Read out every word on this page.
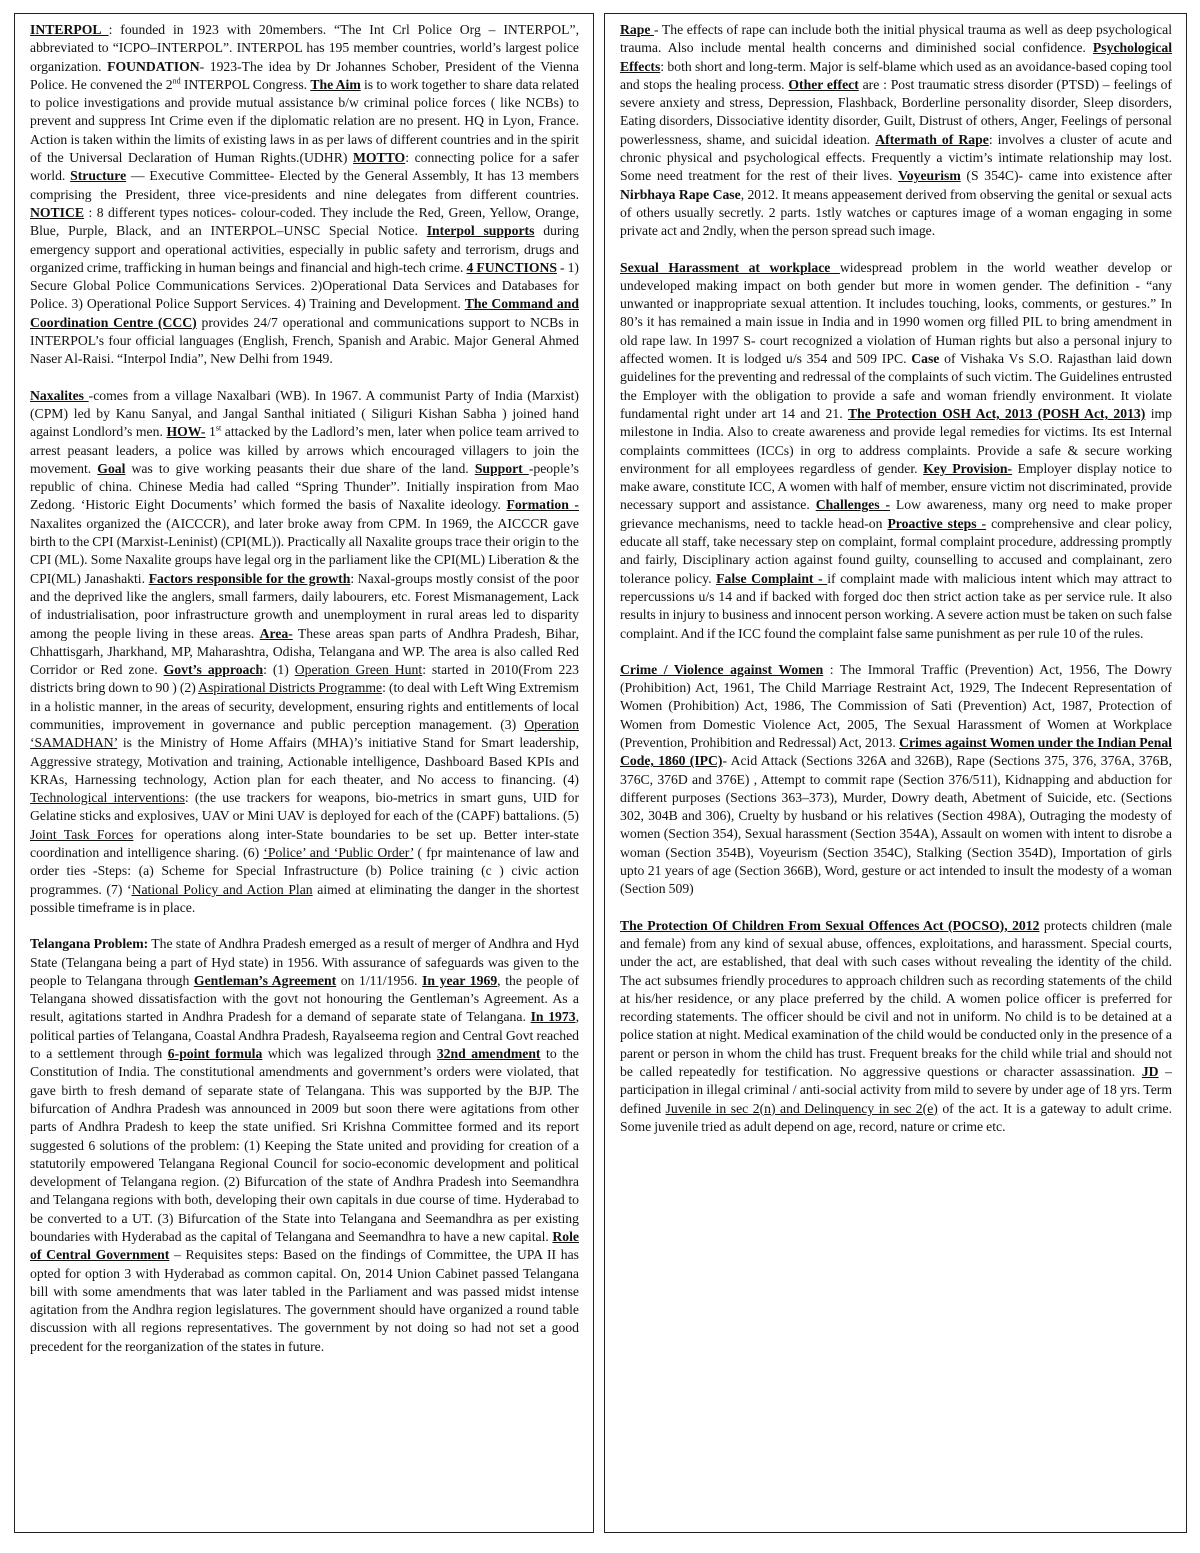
INTERPOL : founded in 1923 with 20members. “The Int Crl Police Org – INTERPOL”, abbreviated to “ICPO–INTERPOL”. INTERPOL has 195 member countries, world’s largest police organization. FOUNDATION- 1923-The idea by Dr Johannes Schober, President of the Vienna Police. He convened the 2nd INTERPOL Congress. The Aim is to work together to share data related to police investigations and provide mutual assistance b/w criminal police forces ( like NCBs) to prevent and suppress Int Crime even if the diplomatic relation are no present. HQ in Lyon, France. Action is taken within the limits of existing laws in as per laws of different countries and in the spirit of the Universal Declaration of Human Rights.(UDHR) MOTTO: connecting police for a safer world. Structure — Executive Committee- Elected by the General Assembly, It has 13 members comprising the President, three vice-presidents and nine delegates from different countries. NOTICE : 8 different types notices- colour-coded. They include the Red, Green, Yellow, Orange, Blue, Purple, Black, and an INTERPOL–UNSC Special Notice. Interpol supports during emergency support and operational activities, especially in public safety and terrorism, drugs and organized crime, trafficking in human beings and financial and high-tech crime. 4 FUNCTIONS - 1) Secure Global Police Communications Services. 2)Operational Data Services and Databases for Police. 3) Operational Police Support Services. 4) Training and Development. The Command and Coordination Centre (CCC) provides 24/7 operational and communications support to NCBs in INTERPOL’s four official languages (English, French, Spanish and Arabic. Major General Ahmed Naser Al-Raisi. “Interpol India”, New Delhi from 1949.

Naxalites -comes from a village Naxalbari (WB). In 1967. A communist Party of India (Marxist) (CPM) led by Kanu Sanyal, and Jangal Santhal initiated ( Siliguri Kishan Sabha ) joined hand against Londlord’s men. HOW- 1st attacked by the Ladlord’s men, later when police team arrived to arrest peasant leaders, a police was killed by arrows which encouraged villagers to join the movement. Goal was to give working peasants their due share of the land. Support -people’s republic of china. Chinese Media had called “Spring Thunder”. Initially inspiration from Mao Zedong. ‘Historic Eight Documents’ which formed the basis of Naxalite ideology. Formation - Naxalites organized the (AICCCR), and later broke away from CPM. In 1969, the AICCCR gave birth to the CPI (Marxist-Leninist) (CPI(ML)). Practically all Naxalite groups trace their origin to the CPI (ML). Some Naxalite groups have legal org in the parliament like the CPI(ML) Liberation & the CPI(ML) Janashakti. Factors responsible for the growth: Naxal-groups mostly consist of the poor and the deprived like the anglers, small farmers, daily labourers, etc. Forest Mismanagement, Lack of industrialisation, poor infrastructure growth and unemployment in rural areas led to disparity among the people living in these areas. Area- These areas span parts of Andhra Pradesh, Bihar, Chhattisgarh, Jharkhand, MP, Maharashtra, Odisha, Telangana and WP. The area is also called Red Corridor or Red zone. Govt’s approach: (1) Operation Green Hunt: started in 2010(From 223 districts bring down to 90 ) (2) Aspirational Districts Programme: (to deal with Left Wing Extremism in a holistic manner, in the areas of security, development, ensuring rights and entitlements of local communities, improvement in governance and public perception management. (3) Operation ‘SAMADHAN’ is the Ministry of Home Affairs (MHA)’s initiative Stand for Smart leadership, Aggressive strategy, Motivation and training, Actionable intelligence, Dashboard Based KPIs and KRAs, Harnessing technology, Action plan for each theater, and No access to financing. (4) Technological interventions: (the use trackers for weapons, bio-metrics in smart guns, UID for Gelatine sticks and explosives, UAV or Mini UAV is deployed for each of the (CAPF) battalions. (5) Joint Task Forces for operations along inter-State boundaries to be set up. Better inter-state coordination and intelligence sharing. (6) ‘Police’ and ‘Public Order’ ( fpr maintenance of law and order ties -Steps: (a) Scheme for Special Infrastructure (b) Police training (c ) civic action programmes. (7) ‘National Policy and Action Plan aimed at eliminating the danger in the shortest possible timeframe is in place.

Telangana Problem: The state of Andhra Pradesh emerged as a result of merger of Andhra and Hyd State (Telangana being a part of Hyd state) in 1956. With assurance of safeguards was given to the people to Telangana through Gentleman’s Agreement on 1/11/1956. In year 1969, the people of Telangana showed dissatisfaction with the govt not honouring the Gentleman’s Agreement. As a result, agitations started in Andhra Pradesh for a demand of separate state of Telangana. In 1973, political parties of Telangana, Coastal Andhra Pradesh, Rayalseema region and Central Govt reached to a settlement through 6-point formula which was legalized through 32nd amendment to the Constitution of India. The constitutional amendments and government’s orders were violated, that gave birth to fresh demand of separate state of Telangana. This was supported by the BJP. The bifurcation of Andhra Pradesh was announced in 2009 but soon there were agitations from other parts of Andhra Pradesh to keep the state unified. Sri Krishna Committee formed and its report suggested 6 solutions of the problem: (1) Keeping the State united and providing for creation of a statutorily empowered Telangana Regional Council for socio-economic development and political development of Telangana region. (2) Bifurcation of the state of Andhra Pradesh into Seemandhra and Telangana regions with both, developing their own capitals in due course of time. Hyderabad to be converted to a UT. (3) Bifurcation of the State into Telangana and Seemandhra as per existing boundaries with Hyderabad as the capital of Telangana and Seemandhra to have a new capital. Role of Central Government – Requisites steps: Based on the findings of Committee, the UPA II has opted for option 3 with Hyderabad as common capital. On, 2014 Union Cabinet passed Telangana bill with some amendments that was later tabled in the Parliament and was passed midst intense agitation from the Andhra region legislatures. The government should have organized a round table discussion with all regions representatives. The government by not doing so had not set a good precedent for the reorganization of the states in future.

Rape - The effects of rape can include both the initial physical trauma as well as deep psychological trauma. Also include mental health concerns and diminished social confidence. Psychological Effects: both short and long-term. Major is self-blame which used as an avoidance-based coping tool and stops the healing process. Other effect are : Post traumatic stress disorder (PTSD) – feelings of severe anxiety and stress, Depression, Flashback, Borderline personality disorder, Sleep disorders, Eating disorders, Dissociative identity disorder, Guilt, Distrust of others, Anger, Feelings of personal powerlessness, shame, and suicidal ideation. Aftermath of Rape: involves a cluster of acute and chronic physical and psychological effects. Frequently a victim’s intimate relationship may lost. Some need treatment for the rest of their lives. Voyeurism (S 354C)- came into existence after Nirbhaya Rape Case, 2012. It means appeasement derived from observing the genital or sexual acts of others usually secretly. 2 parts. 1stly watches or captures image of a woman engaging in some private act and 2ndly, when the person spread such image.

Sexual Harassment at workplace widespread problem in the world weather develop or undeveloped making impact on both gender but more in women gender. The definition - “any unwanted or inappropriate sexual attention. It includes touching, looks, comments, or gestures.” In 80’s it has remained a main issue in India and in 1990 women org filled PIL to bring amendment in old rape law. In 1997 S- court recognized a violation of Human rights but also a personal injury to affected women. It is lodged u/s 354 and 509 IPC. Case of Vishaka Vs S.O. Rajasthan laid down guidelines for the preventing and redressal of the complaints of such victim. The Guidelines entrusted the Employer with the obligation to provide a safe and woman friendly environment. It violate fundamental right under art 14 and 21. The Protection OSH Act, 2013 (POSH Act, 2013) imp milestone in India. Also to create awareness and provide legal remedies for victims. Its est Internal complaints committees (ICCs) in org to address complaints. Provide a safe & secure working environment for all employees regardless of gender. Key Provision- Employer display notice to make aware, constitute ICC, A women with half of member, ensure victim not discriminated, provide necessary support and assistance. Challenges - Low awareness, many org need to make proper grievance mechanisms, need to tackle head-on Proactive steps - comprehensive and clear policy, educate all staff, take necessary step on complaint, formal complaint procedure, addressing promptly and fairly, Disciplinary action against found guilty, counselling to accused and complainant, zero tolerance policy. False Complaint - if complaint made with malicious intent which may attract to repercussions u/s 14 and if backed with forged doc then strict action take as per service rule. It also results in injury to business and innocent person working. A severe action must be taken on such false complaint. And if the ICC found the complaint false same punishment as per rule 10 of the rules.

Crime / Violence against Women : The Immoral Traffic (Prevention) Act, 1956, The Dowry (Prohibition) Act, 1961, The Child Marriage Restraint Act, 1929, The Indecent Representation of Women (Prohibition) Act, 1986, The Commission of Sati (Prevention) Act, 1987, Protection of Women from Domestic Violence Act, 2005, The Sexual Harassment of Women at Workplace (Prevention, Prohibition and Redressal) Act, 2013. Crimes against Women under the Indian Penal Code, 1860 (IPC)- Acid Attack (Sections 326A and 326B), Rape (Sections 375, 376, 376A, 376B, 376C, 376D and 376E) , Attempt to commit rape (Section 376/511), Kidnapping and abduction for different purposes (Sections 363–373), Murder, Dowry death, Abetment of Suicide, etc. (Sections 302, 304B and 306), Cruelty by husband or his relatives (Section 498A), Outraging the modesty of women (Section 354), Sexual harassment (Section 354A), Assault on women with intent to disrobe a woman (Section 354B), Voyeurism (Section 354C), Stalking (Section 354D), Importation of girls upto 21 years of age (Section 366B), Word, gesture or act intended to insult the modesty of a woman (Section 509)

The Protection Of Children From Sexual Offences Act (POCSO), 2012 protects children (male and female) from any kind of sexual abuse, offences, exploitations, and harassment. Special courts, under the act, are established, that deal with such cases without revealing the identity of the child. The act subsumes friendly procedures to approach children such as recording statements of the child at his/her residence, or any place preferred by the child. A women police officer is preferred for recording statements. The officer should be civil and not in uniform. No child is to be detained at a police station at night. Medical examination of the child would be conducted only in the presence of a parent or person in whom the child has trust. Frequent breaks for the child while trial and should not be called repeatedly for testification. No aggressive questions or character assassination. JD – participation in illegal criminal / anti-social activity from mild to severe by under age of 18 yrs. Term defined Juvenile in sec 2(n) and Delinquency in sec 2(e) of the act. It is a gateway to adult crime. Some juvenile tried as adult depend on age, record, nature or crime etc.
